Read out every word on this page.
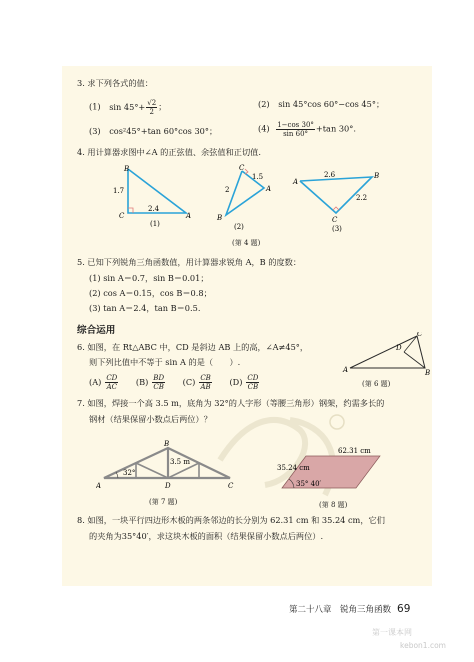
3. 求下列各式的值：
(1) $\sin 45^\circ+ \frac{√2}{2}$ ；	(2) sin 45°cos 60°−cos 45°；
(3) cos²45°+tan 60°cos 30°；	$(4) \frac{1-\cos 30^\circ}{\sin 60^\circ} +\tan$ 30°.
4. 用计算器求图中∠A 的正弦值、余弦值和正切值.
B
C	A
1.7
2.4
(1)
C
A
B
2
1.5
(2)
A
B
C
2.6
2.2
(3)
(第 4 题)
5. 已知下列锐角三角函数值，用计算器求锐角 A，B 的度数：
(1) sin A＝0.7，sin B＝0.01；
(2) cos A＝0.15，cos B＝0.8；
(3) tan A＝2.4，tan B＝0.5.
综合运用
6. 如图，在 Rt△ABC 中，CD 是斜边 AB 上的高，∠A≠45°，
则下列比值中不等于 sin A 的是（　　）.
$(A) \frac{CD}{AC} (B) \frac{BD}{CB} (C) \frac{CB}{AB} (D) \frac{CD}{CB}$
A
C
B
D
(第 6 题)
7. 如图，焊接一个高 3.5 m，底角为 32°的人字形（等腰三角形）钢架，约需多长的
钢材（结果保留小数点后两位）？
A
B
C
D
3.5 m
32°
(第 7 题)
62.31 cm
35.24 cm
35° 40′
(第 8 题)
8. 如图，一块平行四边形木板的两条邻边的长分别为 62.31 cm 和 35.24 cm，它们
的夹角为35°40′，求这块木板的面积（结果保留小数点后两位）.
第二十八章　锐角三角函数 69
第一课本网
kebon1.com
